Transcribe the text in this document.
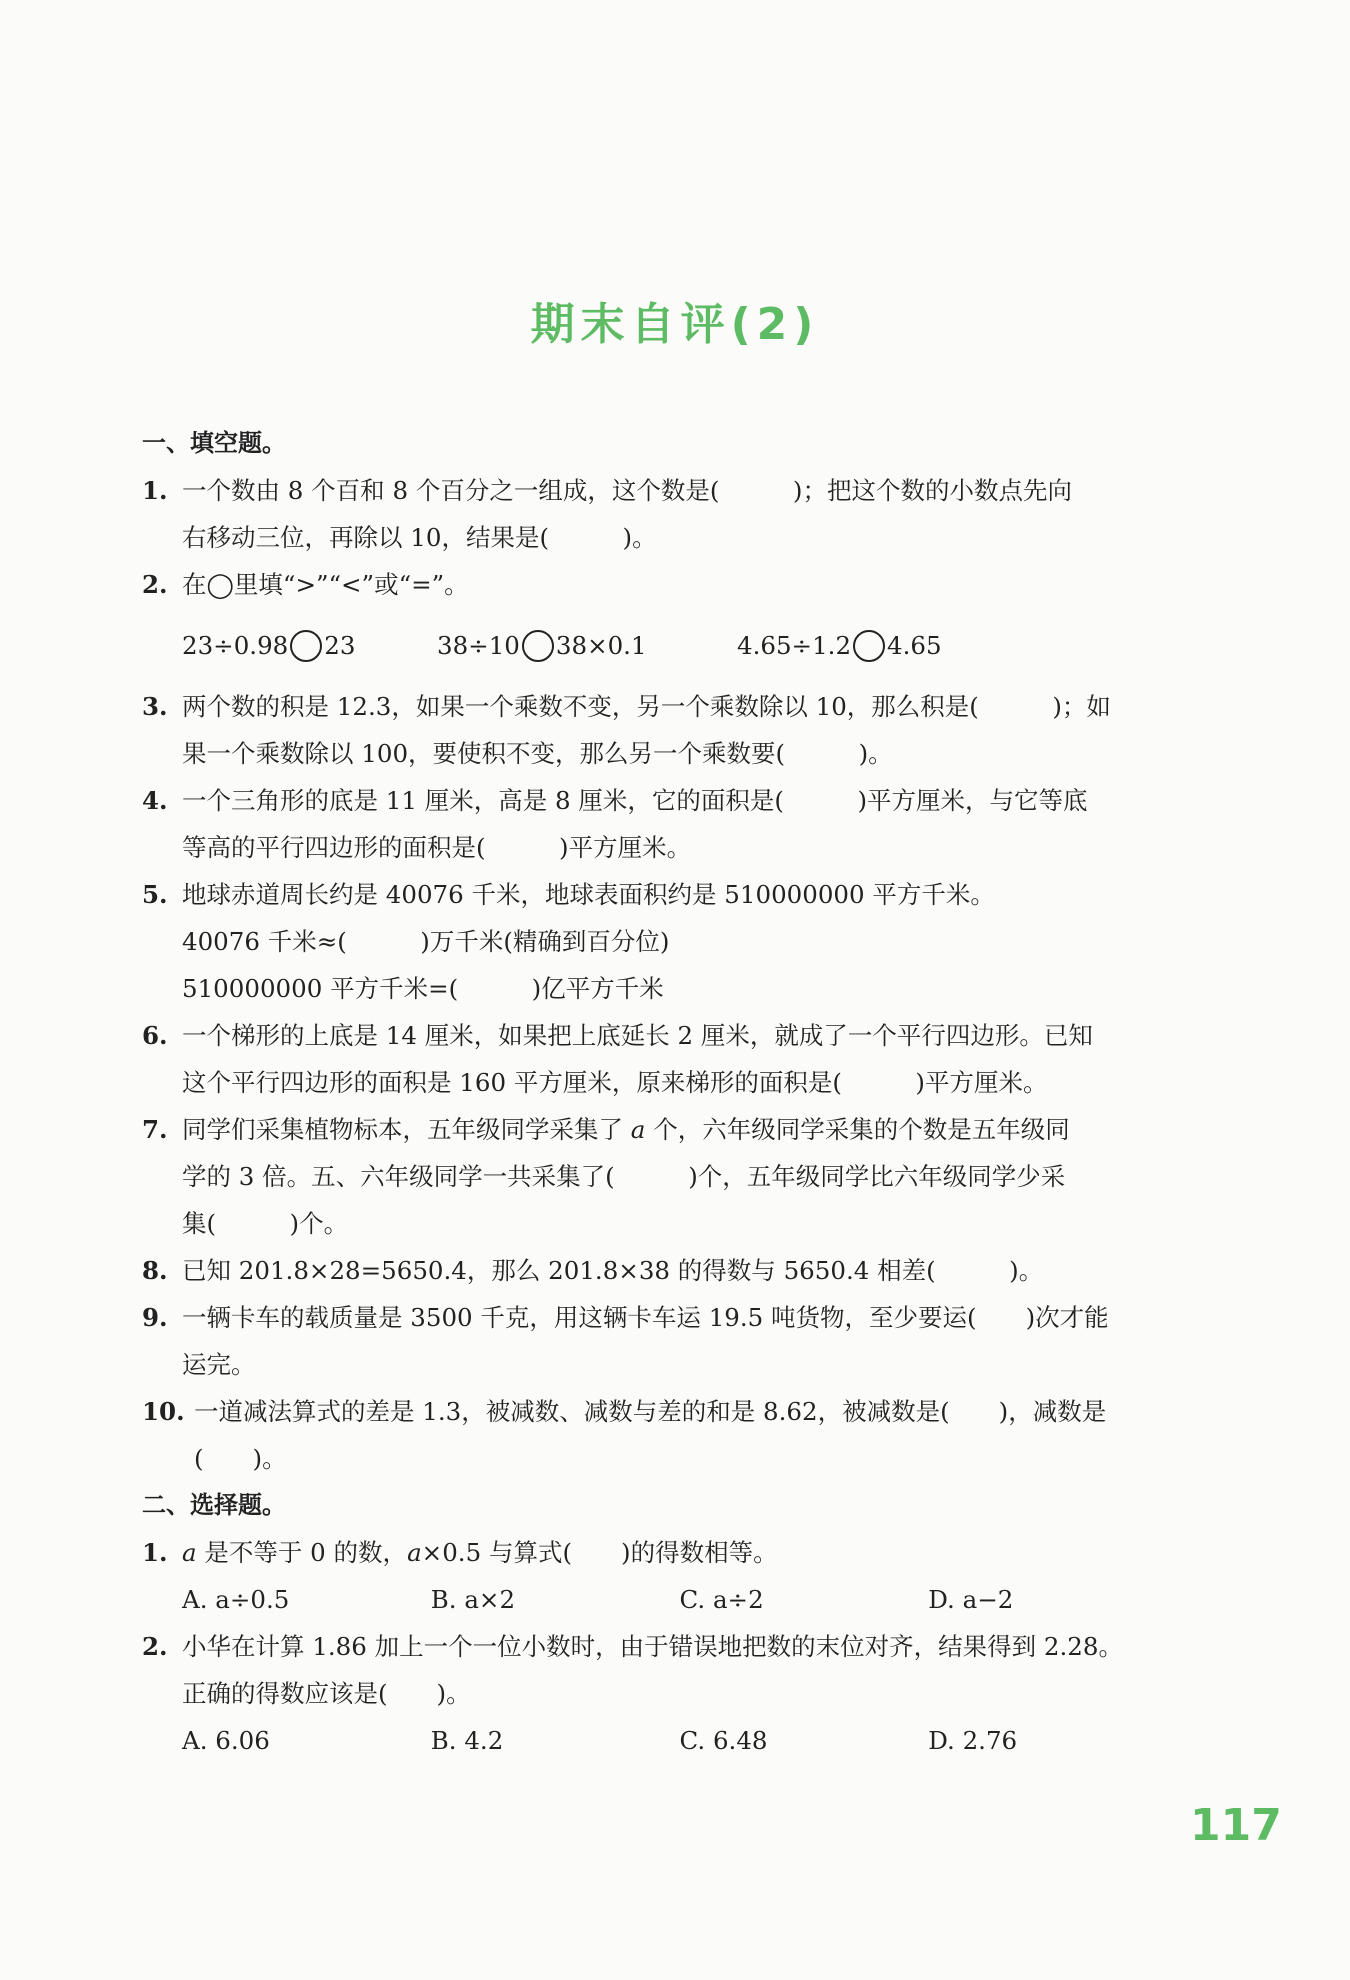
期末自评(2)
一、填空题。
1. 一个数由 8 个百和 8 个百分之一组成，这个数是(　　　)；把这个数的小数点先向
右移动三位，再除以 10，结果是(　　　)。
2. 在◯里填“>”“<”或“=”。
23÷0.98 23	38÷10 38×0.1	4.65÷1.2 4.65
3. 两个数的积是 12.3，如果一个乘数不变，另一个乘数除以 10，那么积是(　　　)；如
果一个乘数除以 100，要使积不变，那么另一个乘数要(　　　)。
4. 一个三角形的底是 11 厘米，高是 8 厘米，它的面积是(　　　)平方厘米，与它等底
等高的平行四边形的面积是(　　　)平方厘米。
5. 地球赤道周长约是 40076 千米，地球表面积约是 510000000 平方千米。
40076 千米≈(　　　)万千米(精确到百分位)
510000000 平方千米=(　　　)亿平方千米
6. 一个梯形的上底是 14 厘米，如果把上底延长 2 厘米，就成了一个平行四边形。已知
这个平行四边形的面积是 160 平方厘米，原来梯形的面积是(　　　)平方厘米。
7. 同学们采集植物标本，五年级同学采集了 a 个，六年级同学采集的个数是五年级同
学的 3 倍。五、六年级同学一共采集了(　　　)个，五年级同学比六年级同学少采
集(　　　)个。
8. 已知 201.8×28=5650.4，那么 201.8×38 的得数与 5650.4 相差(　　　)。
9. 一辆卡车的载质量是 3500 千克，用这辆卡车运 19.5 吨货物，至少要运(　　)次才能
运完。
10. 一道减法算式的差是 1.3，被减数、减数与差的和是 8.62，被减数是(　　)，减数是
(　　)。
二、选择题。
1. a 是不等于 0 的数，a×0.5 与算式(　　)的得数相等。
A. a÷0.5	B. a×2	C. a÷2	D. a−2
2. 小华在计算 1.86 加上一个一位小数时，由于错误地把数的末位对齐，结果得到 2.28。
正确的得数应该是(　　)。
A. 6.06	B. 4.2	C. 6.48	D. 2.76
117
